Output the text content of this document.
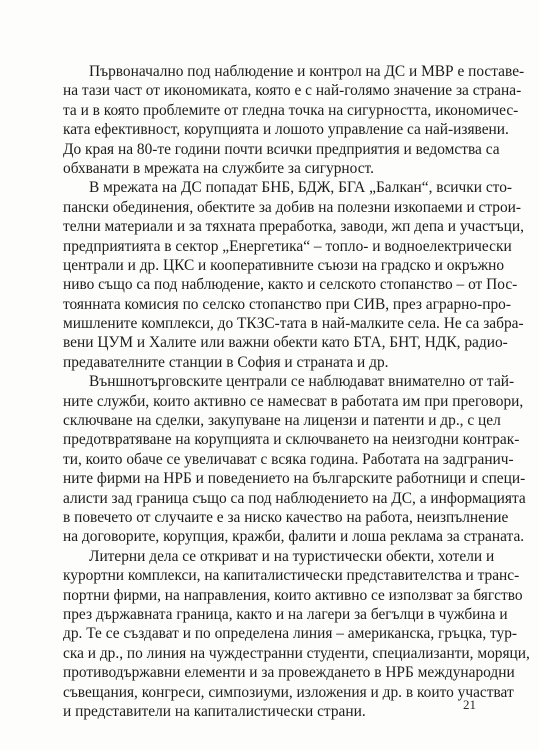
Първоначално под наблюдение и контрол на ДС и МВР е поставе-
на тази част от икономиката, която е с най-голямо значение за страна-
та и в която проблемите от гледна точка на сигурността, икономичес-
ката ефективност, корупцията и лошото управление са най-изявени.
До края на 80-те години почти всички предприятия и ведомства са
обхванати в мрежата на службите за сигурност.
В мрежата на ДС попадат БНБ, БДЖ, БГА „Балкан“, всички сто-
пански обединения, обектите за добив на полезни изкопаеми и строи-
телни материали и за тяхната преработка, заводи, жп депа и участъци,
предприятията в сектор „Енергетика“ – топло- и водноелектрически
централи и др. ЦКС и кооперативните съюзи на градско и окръжно
ниво също са под наблюдение, както и селското стопанство – от Пос-
тоянната комисия по селско стопанство при СИВ, през аграрно-про-
мишлените комплекси, до ТКЗС-тата в най-малките села. Не са забра-
вени ЦУМ и Халите или важни обекти като БТА, БНТ, НДК, радио-
предавателните станции в София и страната и др.
Външнотърговските централи се наблюдават внимателно от тай-
ните служби, които активно се намесват в работата им при преговори,
сключване на сделки, закупуване на лицензи и патенти и др., с цел
предотвратяване на корупцията и сключването на неизгодни контрак-
ти, които обаче се увеличават с всяка година. Работата на задгранич-
ните фирми на НРБ и поведението на българските работници и специ-
алисти зад граница също са под наблюдението на ДС, а информацията
в повечето от случаите е за ниско качество на работа, неизпълнение
на договорите, корупция, кражби, фалити и лоша реклама за страната.
Литерни дела се откриват и на туристически обекти, хотели и
курортни комплекси, на капиталистически представителства и транс-
портни фирми, на направления, които активно се използват за бягство
през държавната граница, както и на лагери за бегълци в чужбина и
др. Те се създават и по определена линия – американска, гръцка, тур-
ска и др., по линия на чуждестранни студенти, специализанти, моряци,
противодържавни елементи и за провеждането в НРБ международни
съвещания, конгреси, симпозиуми, изложения и др. в които участват
и представители на капиталистически страни.	21
